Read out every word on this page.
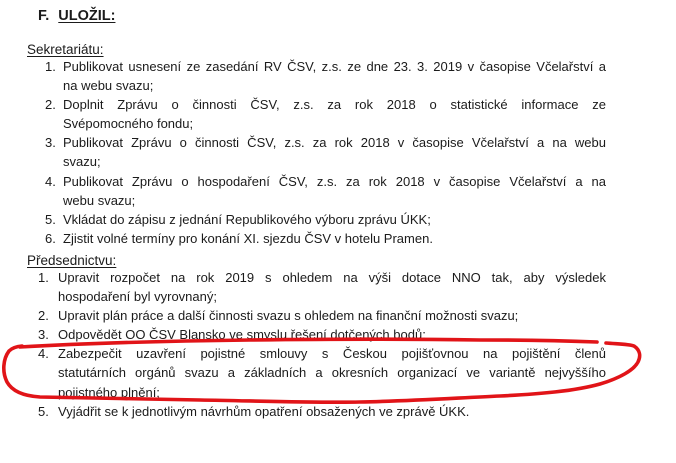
F. ULOŽIL:
Sekretariátu:
1. Publikovat usnesení ze zasedání RV ČSV, z.s. ze dne 23. 3. 2019 v časopise Včelařství a
na webu svazu;
2. Doplnit Zprávu o činnosti ČSV, z.s. za rok 2018 o statistické informace ze
Svépomocného fondu;
3. Publikovat Zprávu o činnosti ČSV, z.s. za rok 2018 v časopise Včelařství a na webu
svazu;
4. Publikovat Zprávu o hospodaření ČSV, z.s. za rok 2018 v časopise Včelařství a na
webu svazu;
5. Vkládat do zápisu z jednání Republikového výboru zprávu ÚKK;
6. Zjistit volné termíny pro konání XI. sjezdu ČSV v hotelu Pramen.
Předsednictvu:
1. Upravit rozpočet na rok 2019 s ohledem na výši dotace NNO tak, aby výsledek
hospodaření byl vyrovnaný;
2. Upravit plán práce a další činnosti svazu s ohledem na finanční možnosti svazu;
3. Odpovědět OO ČSV Blansko ve smyslu řešení dotčených bodů;
4. Zabezpečit uzavření pojistné smlouvy s Českou pojišťovnou na pojištění členů
statutárních orgánů svazu a základních a okresních organizací ve variantě nejvyššího
pojistného plnění;
5. Vyjádřit se k jednotlivým návrhům opatření obsažených ve zprávě ÚKK.
